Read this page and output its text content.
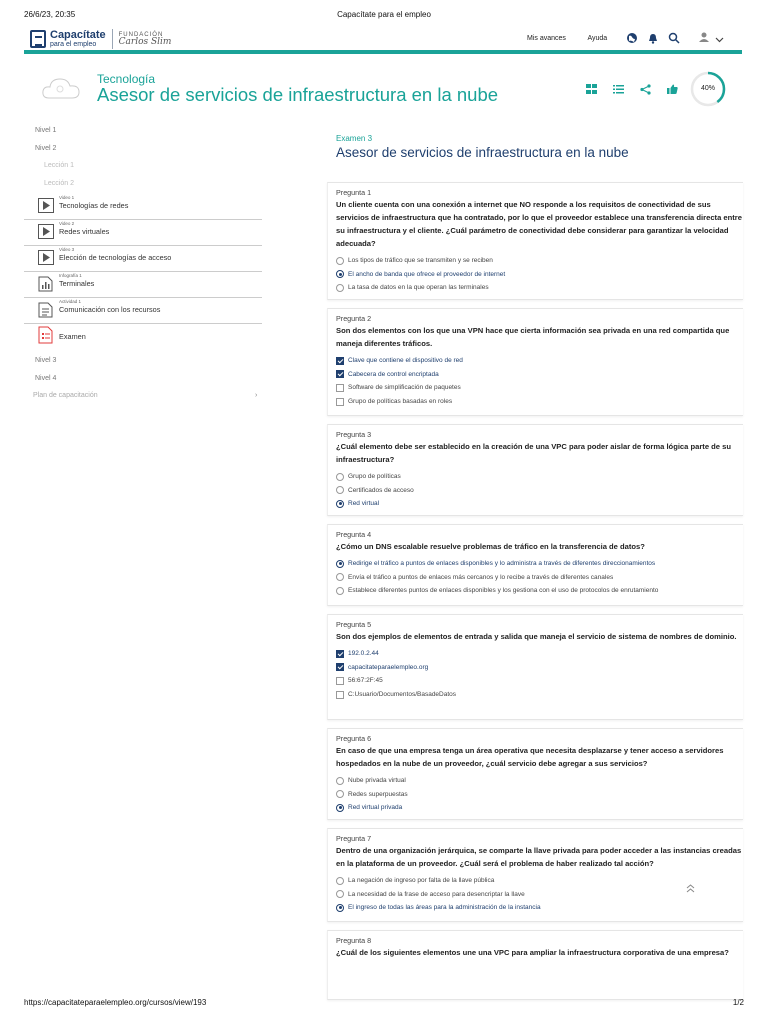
26/6/23, 20:35	Capacítate para el empleo
Capacítate
para el empleo
FUNDACIÓN
Carlos Slim	Mis avances	Ayuda
Tecnología
Asesor de servicios de infraestructura en la nube	40%
Nivel 1
Nivel 2
Lección 1
Lección 2
Video 1
Tecnologías de redes
Video 2
Redes virtuales
Video 3
Elección de tecnologías de acceso
Infografía 1
Terminales
Actividad 1
Comunicación con los recursos
Examen
Nivel 3
Nivel 4
Plan de capacitación	›
Examen 3
Asesor de servicios de infraestructura en la nube
Pregunta 1
Un cliente cuenta con una conexión a internet que NO responde a los requisitos de conectividad de sus servicios de infraestructura que ha contratado, por lo que el proveedor establece una transferencia directa entre su infraestructura y el cliente. ¿Cuál parámetro de conectividad debe considerar para garantizar la velocidad adecuada?
Los tipos de tráfico que se transmiten y se reciben
El ancho de banda que ofrece el proveedor de internet
La tasa de datos en la que operan las terminales
Pregunta 2
Son dos elementos con los que una VPN hace que cierta información sea privada en una red compartida que maneja diferentes tráficos.
Clave que contiene el dispositivo de red
Cabecera de control encriptada
Software de simplificación de paquetes
Grupo de políticas basadas en roles
Pregunta 3
¿Cuál elemento debe ser establecido en la creación de una VPC para poder aislar de forma lógica parte de su infraestructura?
Grupo de políticas
Certificados de acceso
Red virtual
Pregunta 4
¿Cómo un DNS escalable resuelve problemas de tráfico en la transferencia de datos?
Redirige el tráfico a puntos de enlaces disponibles y lo administra a través de diferentes direccionamientos
Envía el tráfico a puntos de enlaces más cercanos y lo recibe a través de diferentes canales
Establece diferentes puntos de enlaces disponibles y los gestiona con el uso de protocolos de enrutamiento
Pregunta 5
Son dos ejemplos de elementos de entrada y salida que maneja el servicio de sistema de nombres de dominio.
192.0.2.44
capacitateparaelempleo.org
56:67:2F:45
C:Usuario/Documentos/BasadeDatos
Pregunta 6
En caso de que una empresa tenga un área operativa que necesita desplazarse y tener acceso a servidores hospedados en la nube de un proveedor, ¿cuál servicio debe agregar a sus servicios?
Nube privada virtual
Redes superpuestas
Red virtual privada
Pregunta 7
Dentro de una organización jerárquica, se comparte la llave privada para poder acceder a las instancias creadas en la plataforma de un proveedor. ¿Cuál será el problema de haber realizado tal acción?
La negación de ingreso por falta de la llave pública
La necesidad de la frase de acceso para desencriptar la llave
El ingreso de todas las áreas para la administración de la instancia
Pregunta 8
¿Cuál de los siguientes elementos une una VPC para ampliar la infraestructura corporativa de una empresa?
https://capacitateparaelempleo.org/cursos/view/193	1/2
